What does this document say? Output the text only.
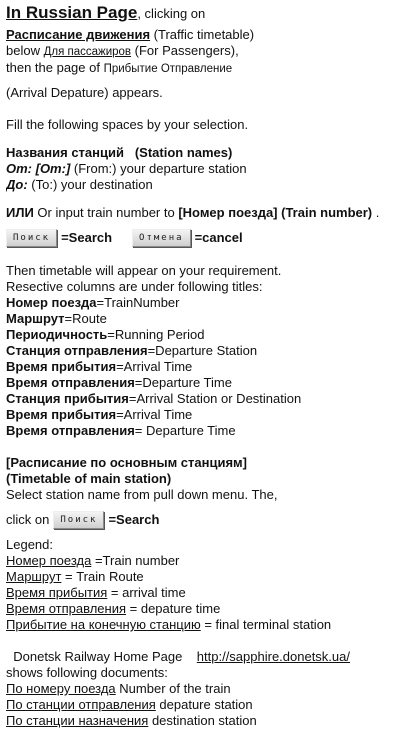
In Russian Page, clicking on
Расписание движения (Traffic timetable)
below Для пассажиров (For Passengers),
then the page of Прибытие Отправление
(Arrival Depature) appears.
Fill the following spaces by your selection.
Названия станций (Station names)
От: [От:] (From:) your departure station
До: (To:) your destination
ИЛИ Or input train number to [Номер поезда] (Train number) .
Поиск =Search	Отмена =cancel
Then timetable will appear on your requirement.
Resective columns are under following titles:
Номер поезда=TrainNumber
Маршрут=Route
Периодичность=Running Period
Станция отправления=Departure Station
Время прибытия=Arrival Time
Время отправления=Departure Time
Станция прибытия=Arrival Station or Destination
Время прибытия=Arrival Time
Время отправления= Departure Time
[Расписание по основным станциям]
(Timetable of main station)
Select station name from pull down menu. The,
click on	Поиск =Search
Legend:
Номер поезда =Train number
Маршрут = Train Route
Время прибытия = arrival time
Время отправления = depature time
Прибытие на конечную станцию = final terminal station
Donetsk Railway Home Page http://sapphire.donetsk.ua/
shows following documents:
По номеру поезда Number of the train
По станции отправления depature station
По станции назначения destination station
